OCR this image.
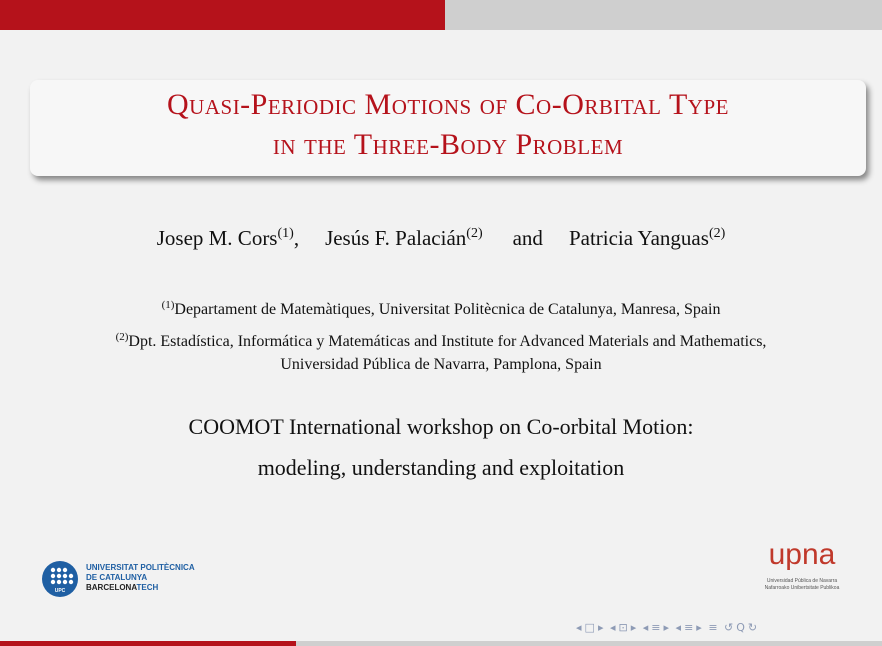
Quasi-Periodic Motions of Co-Orbital Type
in the Three-Body Problem
Josep M. Cors$^{(1)}$, Jesús F. Palacián$^{(2)}$ and Patricia Yanguas$^{(2)}$
$^{(1)}$Departament de Matemàtiques, Universitat Politècnica de Catalunya, Manresa, Spain
$^{(2)}$Dpt. Estadística, Informática y Matemáticas and Institute for Advanced Materials and Mathematics,
Universidad Pública de Navarra, Pamplona, Spain
COOMOT International workshop on Co-orbital Motion:
modeling, understanding and exploitation
UPC
UNIVERSITAT POLITÈCNICA
DE CATALUNYA
BARCELONATECH
upna
Universidad Pública de Navarra
Nafarroako Unibertsitate Publikoa
◂ □ ▸ ◂ ⊡ ▸ ◂ ≡ ▸ ◂ ≡ ▸ ≡ ↺ Q ↻
